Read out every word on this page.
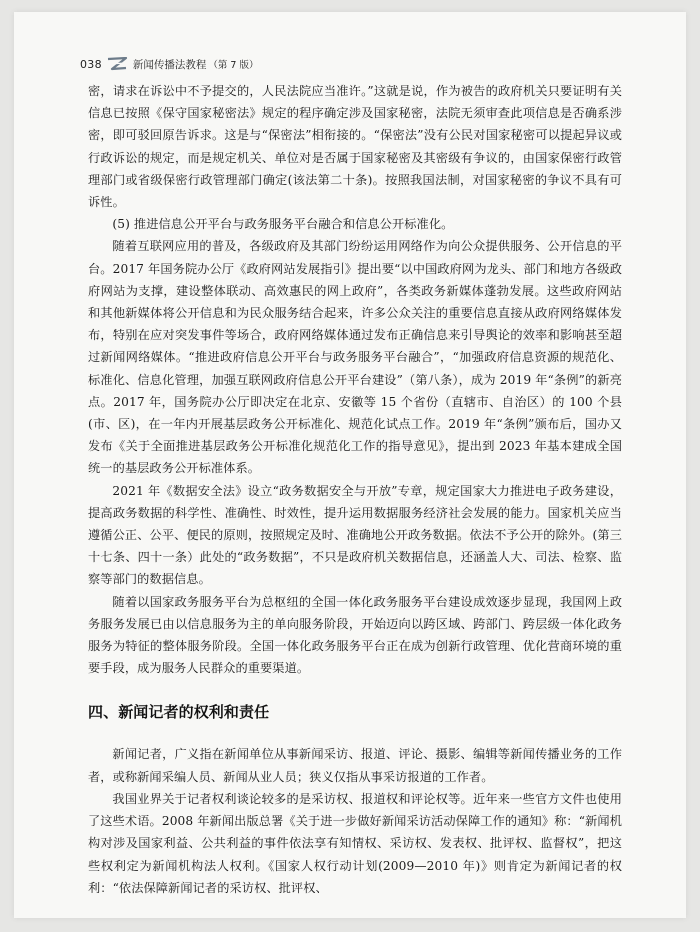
038	新闻传播法教程 （第 7 版）

密，请求在诉讼中不予提交的，人民法院应当准许。”这就是说，作为被告的政府机关只要证明有关信息已按照《保守国家秘密法》规定的程序确定涉及国家秘密，法院无须审查此项信息是否确系涉密，即可驳回原告诉求。这是与“保密法”相衔接的。“保密法”没有公民对国家秘密可以提起异议或行政诉讼的规定，而是规定机关、单位对是否属于国家秘密及其密级有争议的，由国家保密行政管理部门或省级保密行政管理部门确定(该法第二十条)。按照我国法制，对国家秘密的争议不具有可诉性。

(5) 推进信息公开平台与政务服务平台融合和信息公开标准化。

随着互联网应用的普及，各级政府及其部门纷纷运用网络作为向公众提供服务、公开信息的平台。2017 年国务院办公厅《政府网站发展指引》提出要“以中国政府网为龙头、部门和地方各级政府网站为支撑，建设整体联动、高效惠民的网上政府”，各类政务新媒体蓬勃发展。这些政府网站和其他新媒体将公开信息和为民众服务结合起来，许多公众关注的重要信息直接从政府网络媒体发布，特别在应对突发事件等场合，政府网络媒体通过发布正确信息来引导舆论的效率和影响甚至超过新闻网络媒体。“推进政府信息公开平台与政务服务平台融合”，“加强政府信息资源的规范化、标准化、信息化管理，加强互联网政府信息公开平台建设”（第八条），成为 2019 年“条例”的新亮点。2017 年，国务院办公厅即决定在北京、安徽等 15 个省份（直辖市、自治区）的 100 个县(市、区)，在一年内开展基层政务公开标准化、规范化试点工作。2019 年“条例”颁布后，国办又发布《关于全面推进基层政务公开标准化规范化工作的指导意见》，提出到 2023 年基本建成全国统一的基层政务公开标准体系。

2021 年《数据安全法》设立“政务数据安全与开放”专章，规定国家大力推进电子政务建设，提高政务数据的科学性、准确性、时效性，提升运用数据服务经济社会发展的能力。国家机关应当遵循公正、公平、便民的原则，按照规定及时、准确地公开政务数据。依法不予公开的除外。(第三十七条、四十一条）此处的“政务数据”，不只是政府机关数据信息，还涵盖人大、司法、检察、监察等部门的数据信息。

随着以国家政务服务平台为总枢纽的全国一体化政务服务平台建设成效逐步显现，我国网上政务服务发展已由以信息服务为主的单向服务阶段，开始迈向以跨区域、跨部门、跨层级一体化政务服务为特征的整体服务阶段。全国一体化政务服务平台正在成为创新行政管理、优化营商环境的重要手段，成为服务人民群众的重要渠道。

四、新闻记者的权利和责任

新闻记者，广义指在新闻单位从事新闻采访、报道、评论、摄影、编辑等新闻传播业务的工作者，或称新闻采编人员、新闻从业人员；狭义仅指从事采访报道的工作者。

我国业界关于记者权利谈论较多的是采访权、报道权和评论权等。近年来一些官方文件也使用了这些术语。2008 年新闻出版总署《关于进一步做好新闻采访活动保障工作的通知》称：“新闻机构对涉及国家利益、公共利益的事件依法享有知情权、采访权、发表权、批评权、监督权”，把这些权利定为新闻机构法人权利。《国家人权行动计划(2009—2010 年)》则肯定为新闻记者的权利：“依法保障新闻记者的采访权、批评权、
